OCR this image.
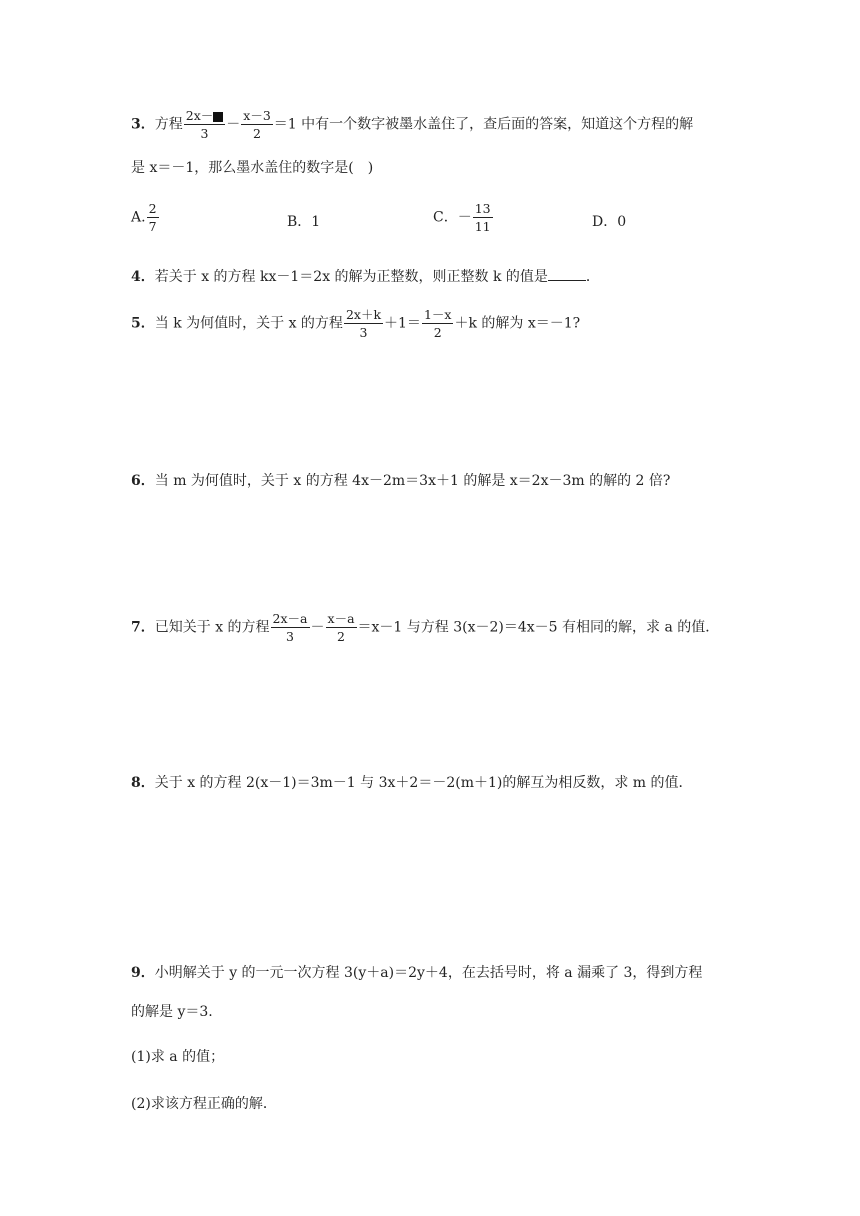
3．方程 $\frac{2x-}{3} - \frac{x-3}{2} =1$ 中有一个数字被墨水盖住了，查后面的答案，知道这个方程的解
是 x＝－1，那么墨水盖住的数字是(　)
A. $\frac{2}{7}$	B．1	C．－ $\frac{13}{11}$	D．0
4．若关于 x 的方程 kx－1＝2x 的解为正整数，则正整数 k 的值是	．
5．当 k 为何值时，关于 x 的方程 $\frac{2x+k}{3} +1= \frac{1-x}{2} +k$ 的解为 x＝－1?
6．当 m 为何值时，关于 x 的方程 4x－2m＝3x＋1 的解是 x＝2x－3m 的解的 2 倍?
7．已知关于 x 的方程 $\frac{2x-a}{3} - \frac{x-a}{2} =x-1$ 与方程 3(x－2)＝4x－5 有相同的解，求 a 的值．
8．关于 x 的方程 2(x－1)＝3m－1 与 3x＋2＝－2(m＋1)的解互为相反数，求 m 的值．
9．小明解关于 y 的一元一次方程 3(y＋a)＝2y＋4，在去括号时，将 a 漏乘了 3，得到方程
的解是 y＝3.
(1)求 a 的值；
(2)求该方程正确的解．
